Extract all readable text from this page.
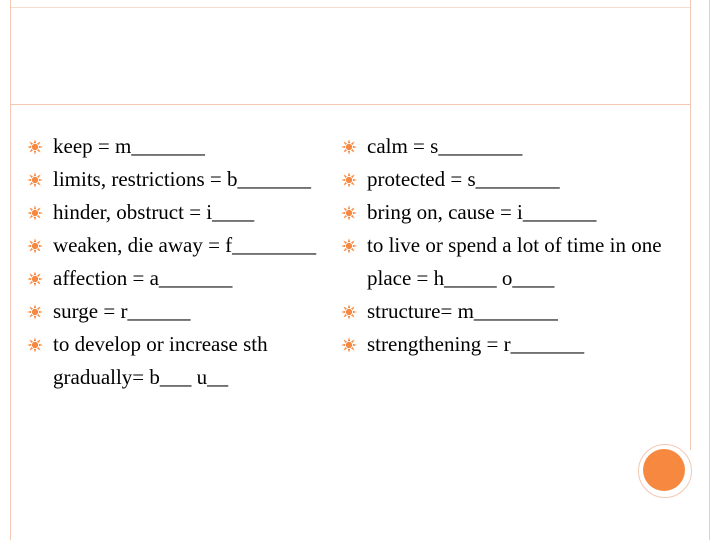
keep = m_______
limits, restrictions = b_______
hinder, obstruct = i____
weaken, die away = f________
affection = a_______
surge = r______
to develop or increase sth gradually= b___ u__
calm = s________
protected = s________
bring on, cause = i_______
to live or spend a lot of time in one place = h_____ o____
structure= m________
strengthening = r_______
